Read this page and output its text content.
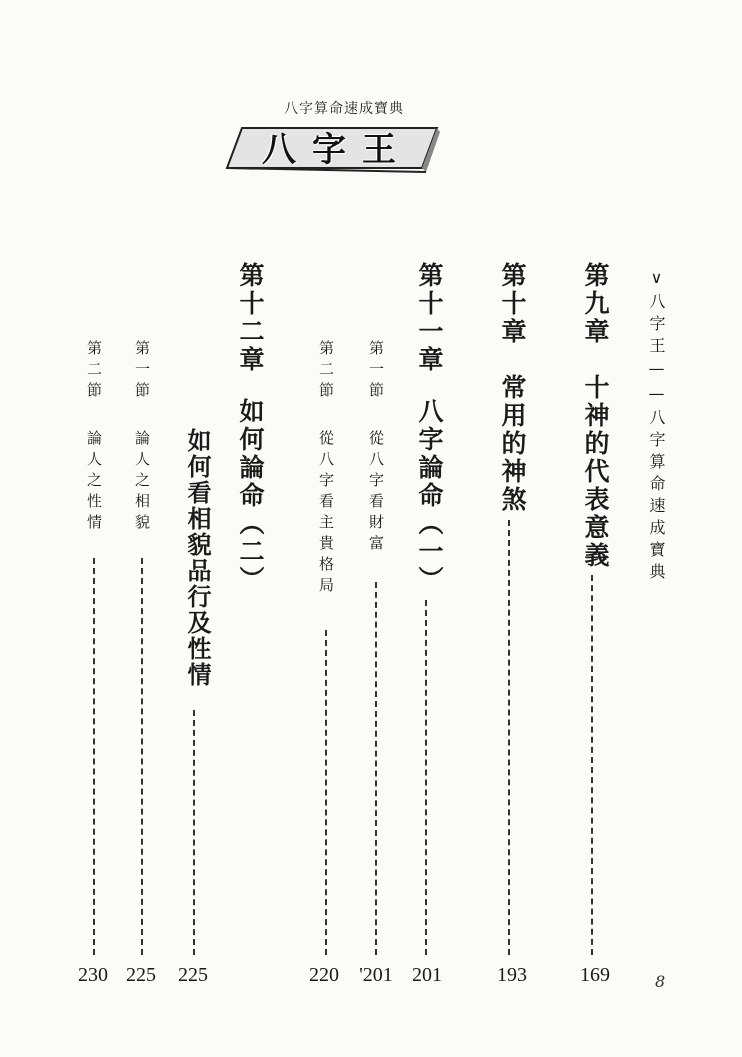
八字算命速成寶典
八字王
∨八字王——八字算命速成寶典
第九章
十神的代表意義
169
第十章
常用的神煞
193
第十一章
八字論命（一）
201
第一節
從八字看財富
'201
第二節
從八字看主貴格局
220
第十二章
如何論命（二）
如何看相貌品行及性情
225
第一節
論人之相貌
225
第二節
論人之性情
230	8
